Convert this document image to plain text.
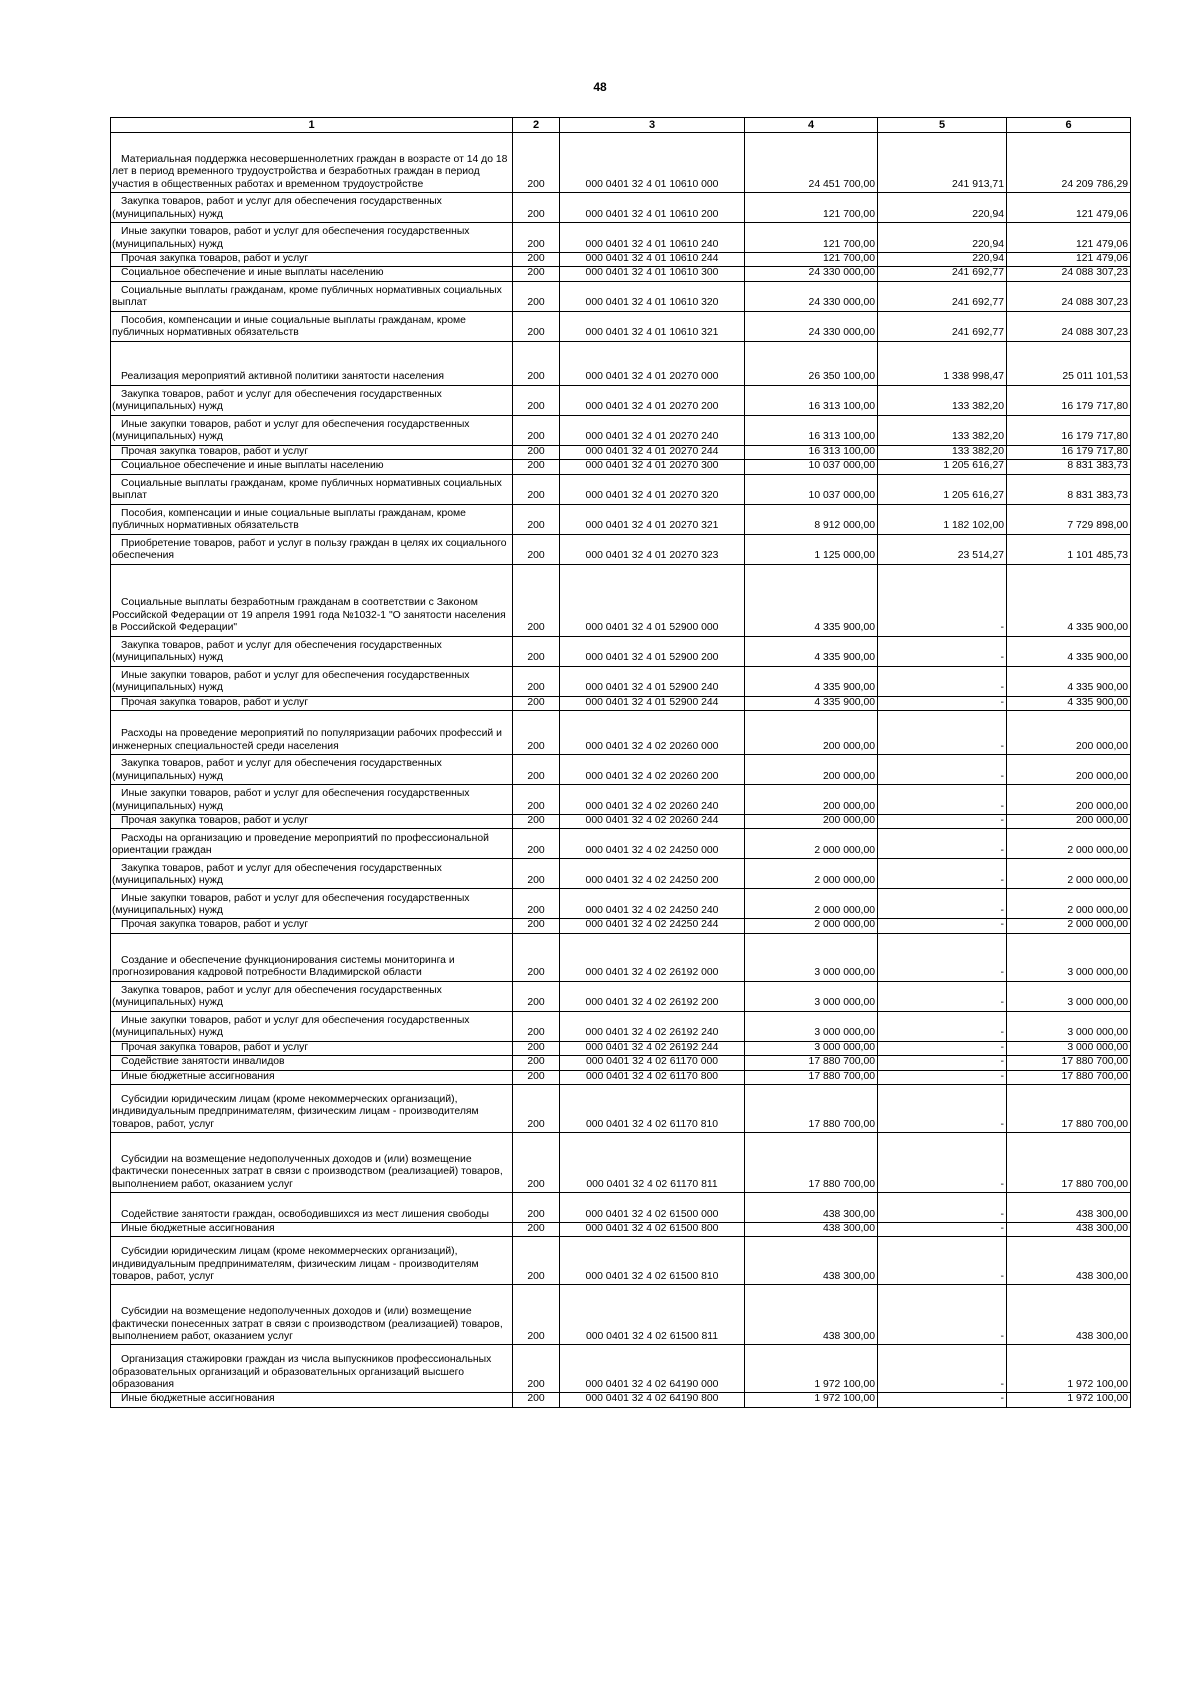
48
1	2	3	4	5	6
Материальная поддержка несовершеннолетних граждан в возрасте от 14 до 18 лет в период временного трудоустройства и безработных граждан в период участия в общественных работах и временном трудоустройстве	200	000 0401 32 4 01 10610 000	24 451 700,00	241 913,71	24 209 786,29
Закупка товаров, работ и услуг для обеспечения государственных (муниципальных) нужд	200	000 0401 32 4 01 10610 200	121 700,00	220,94	121 479,06
Иные закупки товаров, работ и услуг для обеспечения государственных (муниципальных) нужд	200	000 0401 32 4 01 10610 240	121 700,00	220,94	121 479,06
Прочая закупка товаров, работ и услуг	200	000 0401 32 4 01 10610 244	121 700,00	220,94	121 479,06
Социальное обеспечение и иные выплаты населению	200	000 0401 32 4 01 10610 300	24 330 000,00	241 692,77	24 088 307,23
Социальные выплаты гражданам, кроме публичных нормативных социальных выплат	200	000 0401 32 4 01 10610 320	24 330 000,00	241 692,77	24 088 307,23
Пособия, компенсации и иные социальные выплаты гражданам, кроме публичных нормативных обязательств	200	000 0401 32 4 01 10610 321	24 330 000,00	241 692,77	24 088 307,23
Реализация мероприятий активной политики занятости населения	200	000 0401 32 4 01 20270 000	26 350 100,00	1 338 998,47	25 011 101,53
Закупка товаров, работ и услуг для обеспечения государственных (муниципальных) нужд	200	000 0401 32 4 01 20270 200	16 313 100,00	133 382,20	16 179 717,80
Иные закупки товаров, работ и услуг для обеспечения государственных (муниципальных) нужд	200	000 0401 32 4 01 20270 240	16 313 100,00	133 382,20	16 179 717,80
Прочая закупка товаров, работ и услуг	200	000 0401 32 4 01 20270 244	16 313 100,00	133 382,20	16 179 717,80
Социальное обеспечение и иные выплаты населению	200	000 0401 32 4 01 20270 300	10 037 000,00	1 205 616,27	8 831 383,73
Социальные выплаты гражданам, кроме публичных нормативных социальных выплат	200	000 0401 32 4 01 20270 320	10 037 000,00	1 205 616,27	8 831 383,73
Пособия, компенсации и иные социальные выплаты гражданам, кроме публичных нормативных обязательств	200	000 0401 32 4 01 20270 321	8 912 000,00	1 182 102,00	7 729 898,00
Приобретение товаров, работ и услуг в пользу граждан в целях их социального обеспечения	200	000 0401 32 4 01 20270 323	1 125 000,00	23 514,27	1 101 485,73
Социальные выплаты безработным гражданам в соответствии с Законом Российской Федерации от 19 апреля 1991 года №1032-1 "О занятости населения в Российской Федерации"	200	000 0401 32 4 01 52900 000	4 335 900,00	-	4 335 900,00
Закупка товаров, работ и услуг для обеспечения государственных (муниципальных) нужд	200	000 0401 32 4 01 52900 200	4 335 900,00	-	4 335 900,00
Иные закупки товаров, работ и услуг для обеспечения государственных (муниципальных) нужд	200	000 0401 32 4 01 52900 240	4 335 900,00	-	4 335 900,00
Прочая закупка товаров, работ и услуг	200	000 0401 32 4 01 52900 244	4 335 900,00	-	4 335 900,00
Расходы на проведение мероприятий по популяризации рабочих профессий и инженерных специальностей среди населения	200	000 0401 32 4 02 20260 000	200 000,00	-	200 000,00
Закупка товаров, работ и услуг для обеспечения государственных (муниципальных) нужд	200	000 0401 32 4 02 20260 200	200 000,00	-	200 000,00
Иные закупки товаров, работ и услуг для обеспечения государственных (муниципальных) нужд	200	000 0401 32 4 02 20260 240	200 000,00	-	200 000,00
Прочая закупка товаров, работ и услуг	200	000 0401 32 4 02 20260 244	200 000,00	-	200 000,00
Расходы на организацию и проведение мероприятий по профессиональной ориентации граждан	200	000 0401 32 4 02 24250 000	2 000 000,00	-	2 000 000,00
Закупка товаров, работ и услуг для обеспечения государственных (муниципальных) нужд	200	000 0401 32 4 02 24250 200	2 000 000,00	-	2 000 000,00
Иные закупки товаров, работ и услуг для обеспечения государственных (муниципальных) нужд	200	000 0401 32 4 02 24250 240	2 000 000,00	-	2 000 000,00
Прочая закупка товаров, работ и услуг	200	000 0401 32 4 02 24250 244	2 000 000,00	-	2 000 000,00
Создание и обеспечение функционирования системы мониторинга и прогнозирования кадровой потребности Владимирской области	200	000 0401 32 4 02 26192 000	3 000 000,00	-	3 000 000,00
Закупка товаров, работ и услуг для обеспечения государственных (муниципальных) нужд	200	000 0401 32 4 02 26192 200	3 000 000,00	-	3 000 000,00
Иные закупки товаров, работ и услуг для обеспечения государственных (муниципальных) нужд	200	000 0401 32 4 02 26192 240	3 000 000,00	-	3 000 000,00
Прочая закупка товаров, работ и услуг	200	000 0401 32 4 02 26192 244	3 000 000,00	-	3 000 000,00
Содействие занятости инвалидов	200	000 0401 32 4 02 61170 000	17 880 700,00	-	17 880 700,00
Иные бюджетные ассигнования	200	000 0401 32 4 02 61170 800	17 880 700,00	-	17 880 700,00
Субсидии юридическим лицам (кроме некоммерческих организаций), индивидуальным предпринимателям, физическим лицам - производителям товаров, работ, услуг	200	000 0401 32 4 02 61170 810	17 880 700,00	-	17 880 700,00
Субсидии на возмещение недополученных доходов и (или) возмещение фактически понесенных затрат в связи с производством (реализацией) товаров, выполнением работ, оказанием услуг	200	000 0401 32 4 02 61170 811	17 880 700,00	-	17 880 700,00
Содействие занятости граждан, освободившихся из мест лишения свободы	200	000 0401 32 4 02 61500 000	438 300,00	-	438 300,00
Иные бюджетные ассигнования	200	000 0401 32 4 02 61500 800	438 300,00	-	438 300,00
Субсидии юридическим лицам (кроме некоммерческих организаций), индивидуальным предпринимателям, физическим лицам - производителям товаров, работ, услуг	200	000 0401 32 4 02 61500 810	438 300,00	-	438 300,00
Субсидии на возмещение недополученных доходов и (или) возмещение фактически понесенных затрат в связи с производством (реализацией) товаров, выполнением работ, оказанием услуг	200	000 0401 32 4 02 61500 811	438 300,00	-	438 300,00
Организация стажировки граждан из числа выпускников профессиональных образовательных организаций и образовательных организаций высшего образования	200	000 0401 32 4 02 64190 000	1 972 100,00	-	1 972 100,00
Иные бюджетные ассигнования	200	000 0401 32 4 02 64190 800	1 972 100,00	-	1 972 100,00
